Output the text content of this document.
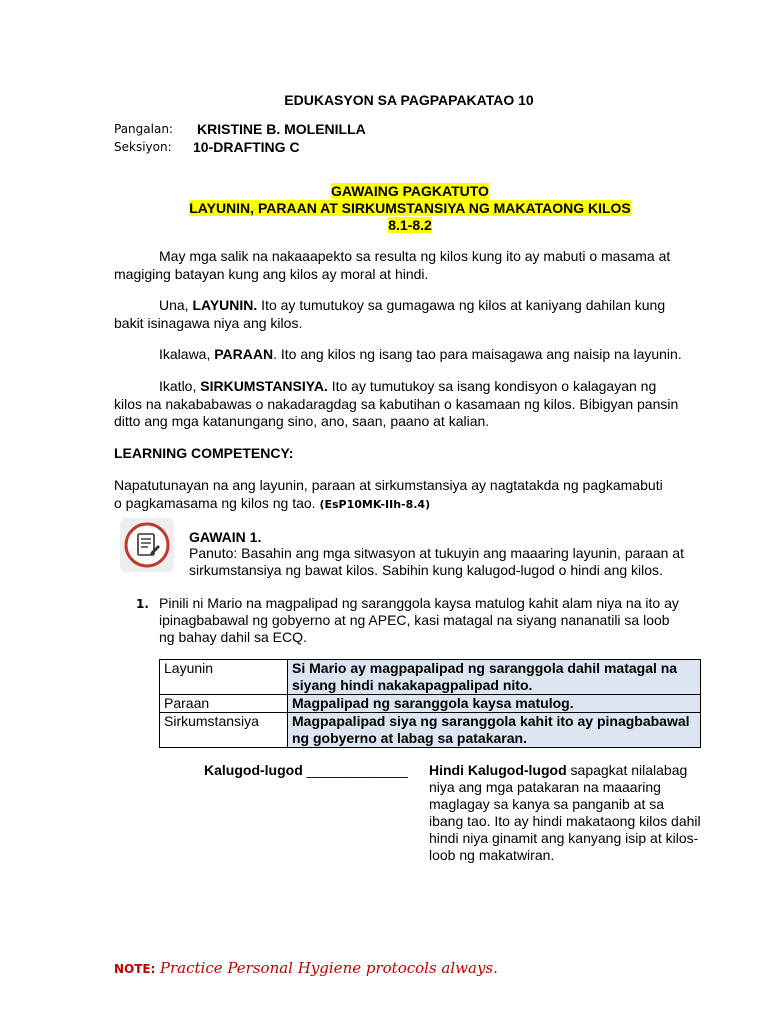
EDUKASYON SA PAGPAPAKATAO 10
Pangalan: KRISTINE B. MOLENILLA
Seksiyon: 10-DRAFTING C
GAWAING PAGKATUTO
LAYUNIN, PARAAN AT SIRKUMSTANSIYA NG MAKATAONG KILOS
8.1-8.2
May mga salik na nakaaapekto sa resulta ng kilos kung ito ay mabuti o masama at magiging batayan kung ang kilos ay moral at hindi.
Una, LAYUNIN. Ito ay tumutukoy sa gumagawa ng kilos at kaniyang dahilan kung bakit isinagawa niya ang kilos.
Ikalawa, PARAAN. Ito ang kilos ng isang tao para maisagawa ang naisip na layunin.
Ikatlo, SIRKUMSTANSIYA. Ito ay tumutukoy sa isang kondisyon o kalagayan ng kilos na nakababawas o nakadaragdag sa kabutihan o kasamaan ng kilos. Bibigyan pansin ditto ang mga katanungang sino, ano, saan, paano at kalian.
LEARNING COMPETENCY:
Napatutunayan na ang layunin, paraan at sirkumstansiya ay nagtatakda ng pagkamabuti o pagkamasama ng kilos ng tao. (EsP10MK-IIh-8.4)
GAWAIN 1.
Panuto: Basahin ang mga sitwasyon at tukuyin ang maaaring layunin, paraan at sirkumstansiya ng bawat kilos. Sabihin kung kalugod-lugod o hindi ang kilos.
1. Pinili ni Mario na magpalipad ng saranggola kaysa matulog kahit alam niya na ito ay ipinagbabawal ng gobyerno at ng APEC, kasi matagal na siyang nananatili sa loob ng bahay dahil sa ECQ.
Layunin	Si Mario ay magpapalipad ng saranggola dahil matagal na siyang hindi nakakapagpalipad nito.
Paraan	Magpalipad ng saranggola kaysa matulog.
Sirkumstansiya	Magpapalipad siya ng saranggola kahit ito ay pinagbabawal ng gobyerno at labag sa patakaran.
Kalugod-lugod _____________ Hindi Kalugod-lugod sapagkat nilalabag niya ang mga patakaran na maaaring maglagay sa kanya sa panganib at sa ibang tao. Ito ay hindi makataong kilos dahil hindi niya ginamit ang kanyang isip at kilos-loob ng makatwiran.
NOTE: Practice Personal Hygiene protocols always.
